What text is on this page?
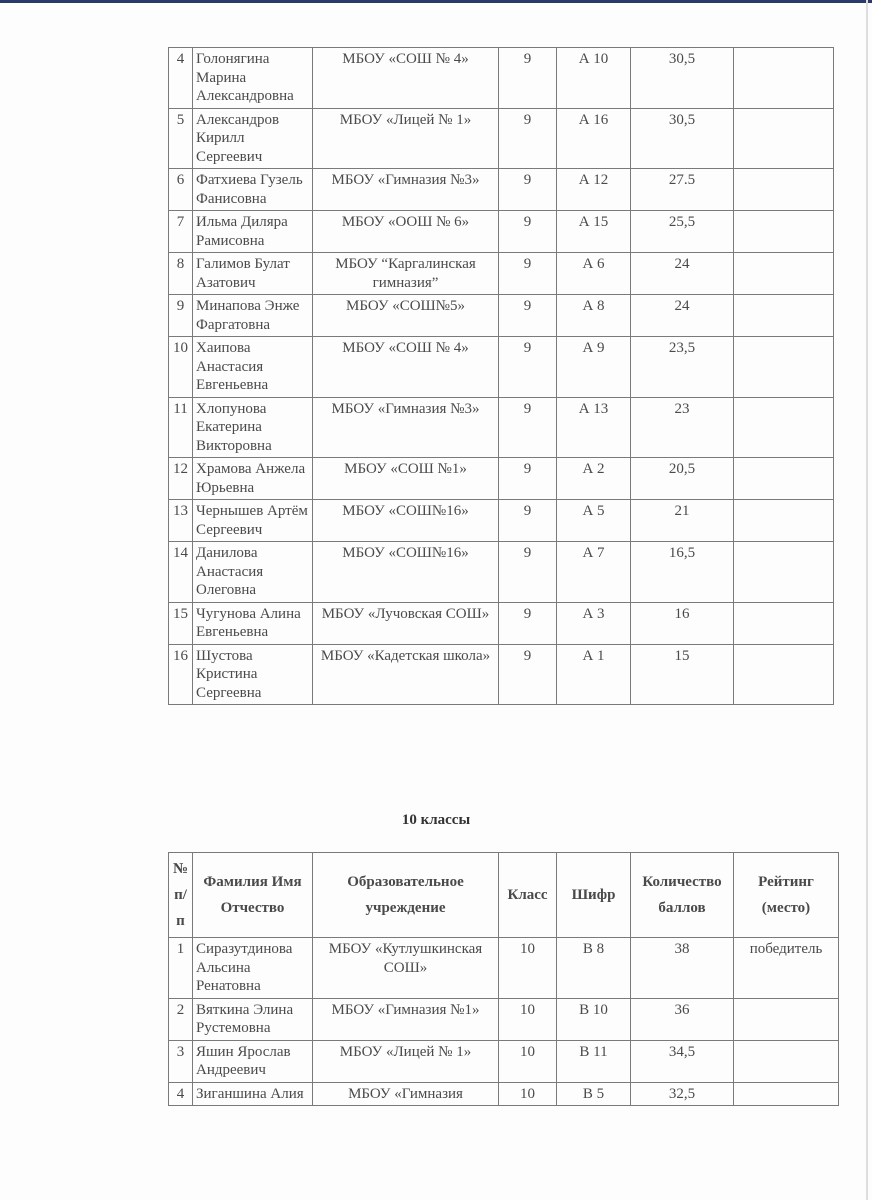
4	Голонягина Марина Александровна	МБОУ «СОШ № 4»	9	А 10	30,5	
5	Александров Кирилл Сергеевич	МБОУ «Лицей № 1»	9	А 16	30,5	
6	Фатхиева Гузель Фанисовна	МБОУ «Гимназия №3»	9	А 12	27.5	
7	Ильма Диляра Рамисовна	МБОУ «ООШ № 6»	9	А 15	25,5	
8	Галимов Булат Азатович	МБОУ “Каргалинская гимназия”	9	А 6	24	
9	Минапова Энже Фаргатовна	МБОУ «СОШ№5»	9	А 8	24	
10	Хаипова Анастасия Евгеньевна	МБОУ «СОШ № 4»	9	А 9	23,5	
11	Хлопунова Екатерина Викторовна	МБОУ «Гимназия №3»	9	А 13	23	
12	Храмова Анжела Юрьевна	МБОУ «СОШ №1»	9	А 2	20,5	
13	Чернышев Артём Сергеевич	МБОУ «СОШ№16»	9	А 5	21	
14	Данилова Анастасия Олеговна	МБОУ «СОШ№16»	9	А 7	16,5	
15	Чугунова Алина Евгеньевна	МБОУ «Лучовская СОШ»	9	А 3	16	
16	Шустова Кристина Сергеевна	МБОУ «Кадетская школа»	9	А 1	15	
10 классы
№ п/п	Фамилия Имя Отчество	Образовательное учреждение	Класс	Шифр	Количество баллов	Рейтинг (место)
1	Сиразутдинова Альсина Ренатовна	МБОУ «Кутлушкинская СОШ»	10	В 8	38	победитель
2	Вяткина Элина Рустемовна	МБОУ «Гимназия №1»	10	В 10	36	
3	Яшин Ярослав Андреевич	МБОУ «Лицей № 1»	10	В 11	34,5	
4	Зиганшина Алия	МБОУ «Гимназия	10	В 5	32,5	
